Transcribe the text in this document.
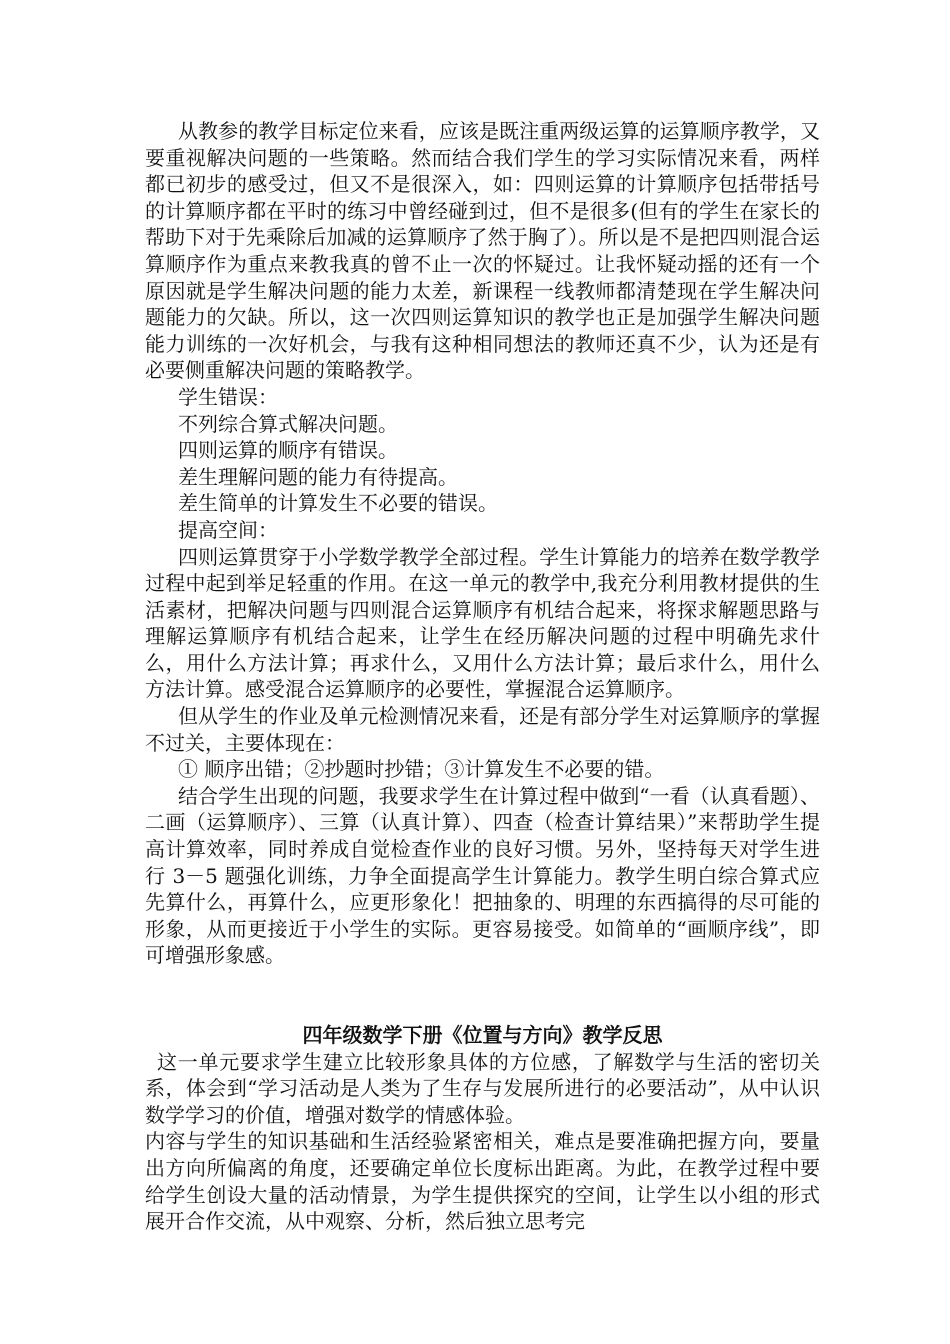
从教参的教学目标定位来看，应该是既注重两级运算的运算顺序教学，又要重视解决问题的一些策略。然而结合我们学生的学习实际情况来看，两样都已初步的感受过，但又不是很深入，如：四则运算的计算顺序包括带括号的计算顺序都在平时的练习中曾经碰到过，但不是很多(但有的学生在家长的帮助下对于先乘除后加减的运算顺序了然于胸了）。所以是不是把四则混合运算顺序作为重点来教我真的曾不止一次的怀疑过。让我怀疑动摇的还有一个原因就是学生解决问题的能力太差，新课程一线教师都清楚现在学生解决问题能力的欠缺。所以，这一次四则运算知识的教学也正是加强学生解决问题能力训练的一次好机会，与我有这种相同想法的教师还真不少，认为还是有必要侧重解决问题的策略教学。

学生错误：

不列综合算式解决问题。

四则运算的顺序有错误。

差生理解问题的能力有待提高。

差生简单的计算发生不必要的错误。

提高空间：

四则运算贯穿于小学数学教学全部过程。学生计算能力的培养在数学教学过程中起到举足轻重的作用。在这一单元的教学中,我充分利用教材提供的生活素材，把解决问题与四则混合运算顺序有机结合起来，将探求解题思路与理解运算顺序有机结合起来，让学生在经历解决问题的过程中明确先求什么，用什么方法计算；再求什么，又用什么方法计算；最后求什么，用什么方法计算。感受混合运算顺序的必要性，掌握混合运算顺序。

但从学生的作业及单元检测情况来看，还是有部分学生对运算顺序的掌握不过关，主要体现在：

① 顺序出错；②抄题时抄错；③计算发生不必要的错。

结合学生出现的问题，我要求学生在计算过程中做到“一看（认真看题）、二画（运算顺序）、三算（认真计算）、四查（检查计算结果）”来帮助学生提高计算效率，同时养成自觉检查作业的良好习惯。另外，坚持每天对学生进行 3－5 题强化训练，力争全面提高学生计算能力。教学生明白综合算式应先算什么，再算什么，应更形象化！把抽象的、明理的东西搞得的尽可能的形象，从而更接近于小学生的实际。更容易接受。如简单的“画顺序线”，即可增强形象感。

四年级数学下册《位置与方向》教学反思

这一单元要求学生建立比较形象具体的方位感，了解数学与生活的密切关系，体会到“学习活动是人类为了生存与发展所进行的必要活动”，从中认识数学学习的价值，增强对数学的情感体验。

内容与学生的知识基础和生活经验紧密相关，难点是要准确把握方向，要量出方向所偏离的角度，还要确定单位长度标出距离。为此，在教学过程中要给学生创设大量的活动情景，为学生提供探究的空间，让学生以小组的形式展开合作交流，从中观察、分析，然后独立思考完
